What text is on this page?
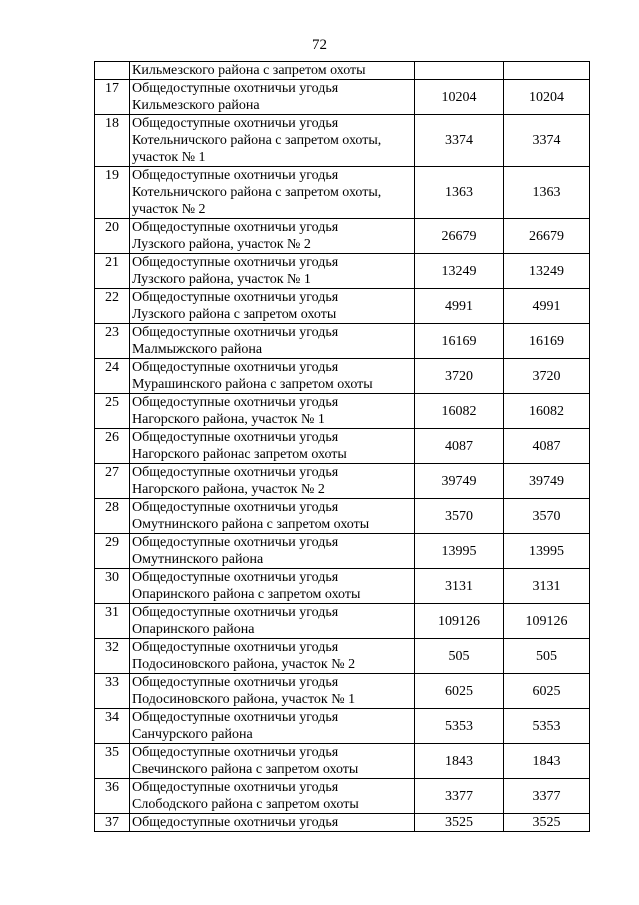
72

	Кильмезского района с запретом охоты		

17	Общедоступные охотничьи угодья
Кильмезского района	10204	10204
18	Общедоступные охотничьи угодья
Котельничского района с запретом охоты,
участок № 1	3374	3374
19	Общедоступные охотничьи угодья
Котельничского района с запретом охоты,
участок № 2	1363	1363
20	Общедоступные охотничьи угодья
Лузского района, участок № 2	26679	26679
21	Общедоступные охотничьи угодья
Лузского района, участок № 1	13249	13249
22	Общедоступные охотничьи угодья
Лузского района с запретом охоты	4991	4991
23	Общедоступные охотничьи угодья
Малмыжского района	16169	16169
24	Общедоступные охотничьи угодья
Мурашинского района с запретом охоты	3720	3720
25	Общедоступные охотничьи угодья
Нагорского района, участок № 1	16082	16082
26	Общедоступные охотничьи угодья
Нагорского районас запретом охоты	4087	4087
27	Общедоступные охотничьи угодья
Нагорского района, участок № 2	39749	39749
28	Общедоступные охотничьи угодья
Омутнинского района с запретом охоты	3570	3570
29	Общедоступные охотничьи угодья
Омутнинского района	13995	13995
30	Общедоступные охотничьи угодья
Опаринского района с запретом охоты	3131	3131
31	Общедоступные охотничьи угодья
Опаринского района	109126	109126
32	Общедоступные охотничьи угодья
Подосиновского района, участок № 2	505	505
33	Общедоступные охотничьи угодья
Подосиновского района, участок № 1	6025	6025
34	Общедоступные охотничьи угодья
Санчурского района	5353	5353
35	Общедоступные охотничьи угодья
Свечинского района с запретом охоты	1843	1843
36	Общедоступные охотничьи угодья
Слободского района с запретом охоты	3377	3377
37	Общедоступные охотничьи угодья	3525	3525
